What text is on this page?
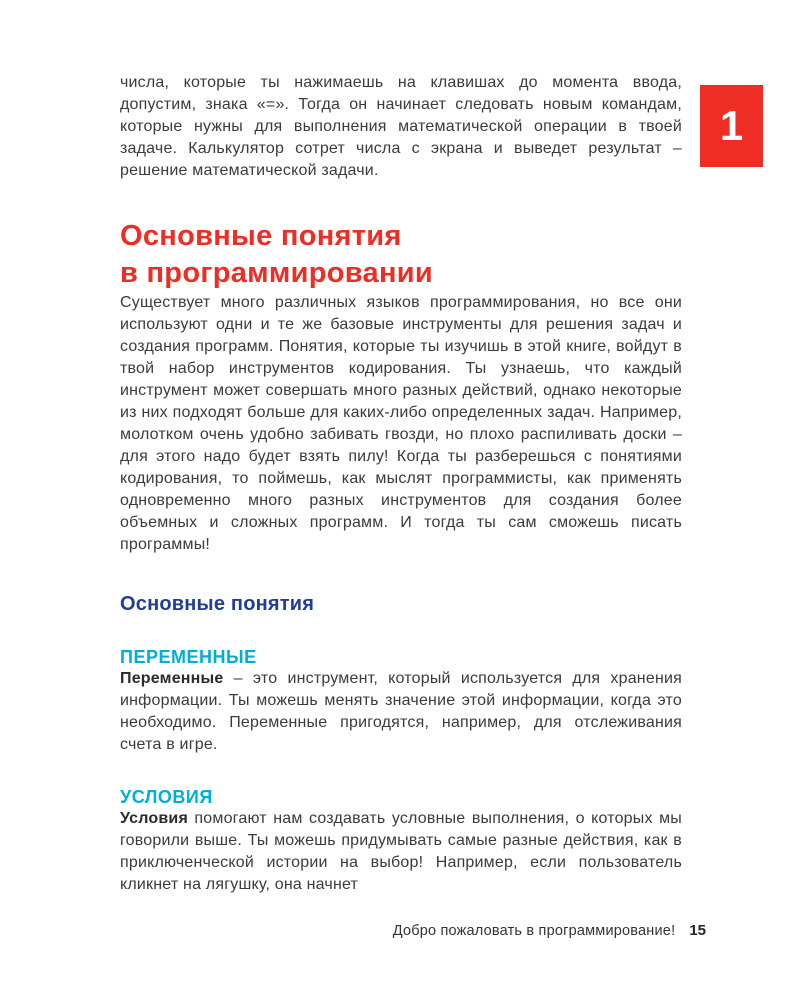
1

числа, которые ты нажимаешь на клавишах до момента ввода, допустим, знака «=». Тогда он начинает следовать новым командам, которые нужны для выполнения математической операции в твоей задаче. Калькулятор сотрет числа с экрана и выведет результат – решение математической задачи.

Основные понятия
в программировании

Существует много различных языков программирования, но все они используют одни и те же базовые инструменты для решения задач и создания программ. Понятия, которые ты изучишь в этой книге, войдут в твой набор инструментов кодирования. Ты узнаешь, что каждый инструмент может совершать много разных действий, однако некоторые из них подходят больше для каких-либо определенных задач. Например, молотком очень удобно забивать гвозди, но плохо распиливать доски – для этого надо будет взять пилу! Когда ты разберешься с понятиями кодирования, то поймешь, как мыслят программисты, как применять одновременно много разных инструментов для создания более объемных и сложных программ. И тогда ты сам сможешь писать программы!

Основные понятия
ПЕРЕМЕННЫЕ

Переменные – это инструмент, который используется для хранения информации. Ты можешь менять значение этой информации, когда это необходимо. Переменные пригодятся, например, для отслеживания счета в игре.

УСЛОВИЯ

Условия помогают нам создавать условные выполнения, о которых мы говорили выше. Ты можешь придумывать самые разные действия, как в приключенческой истории на выбор! Например, если пользователь кликнет на лягушку, она начнет

Добро пожаловать в программирование! 15
